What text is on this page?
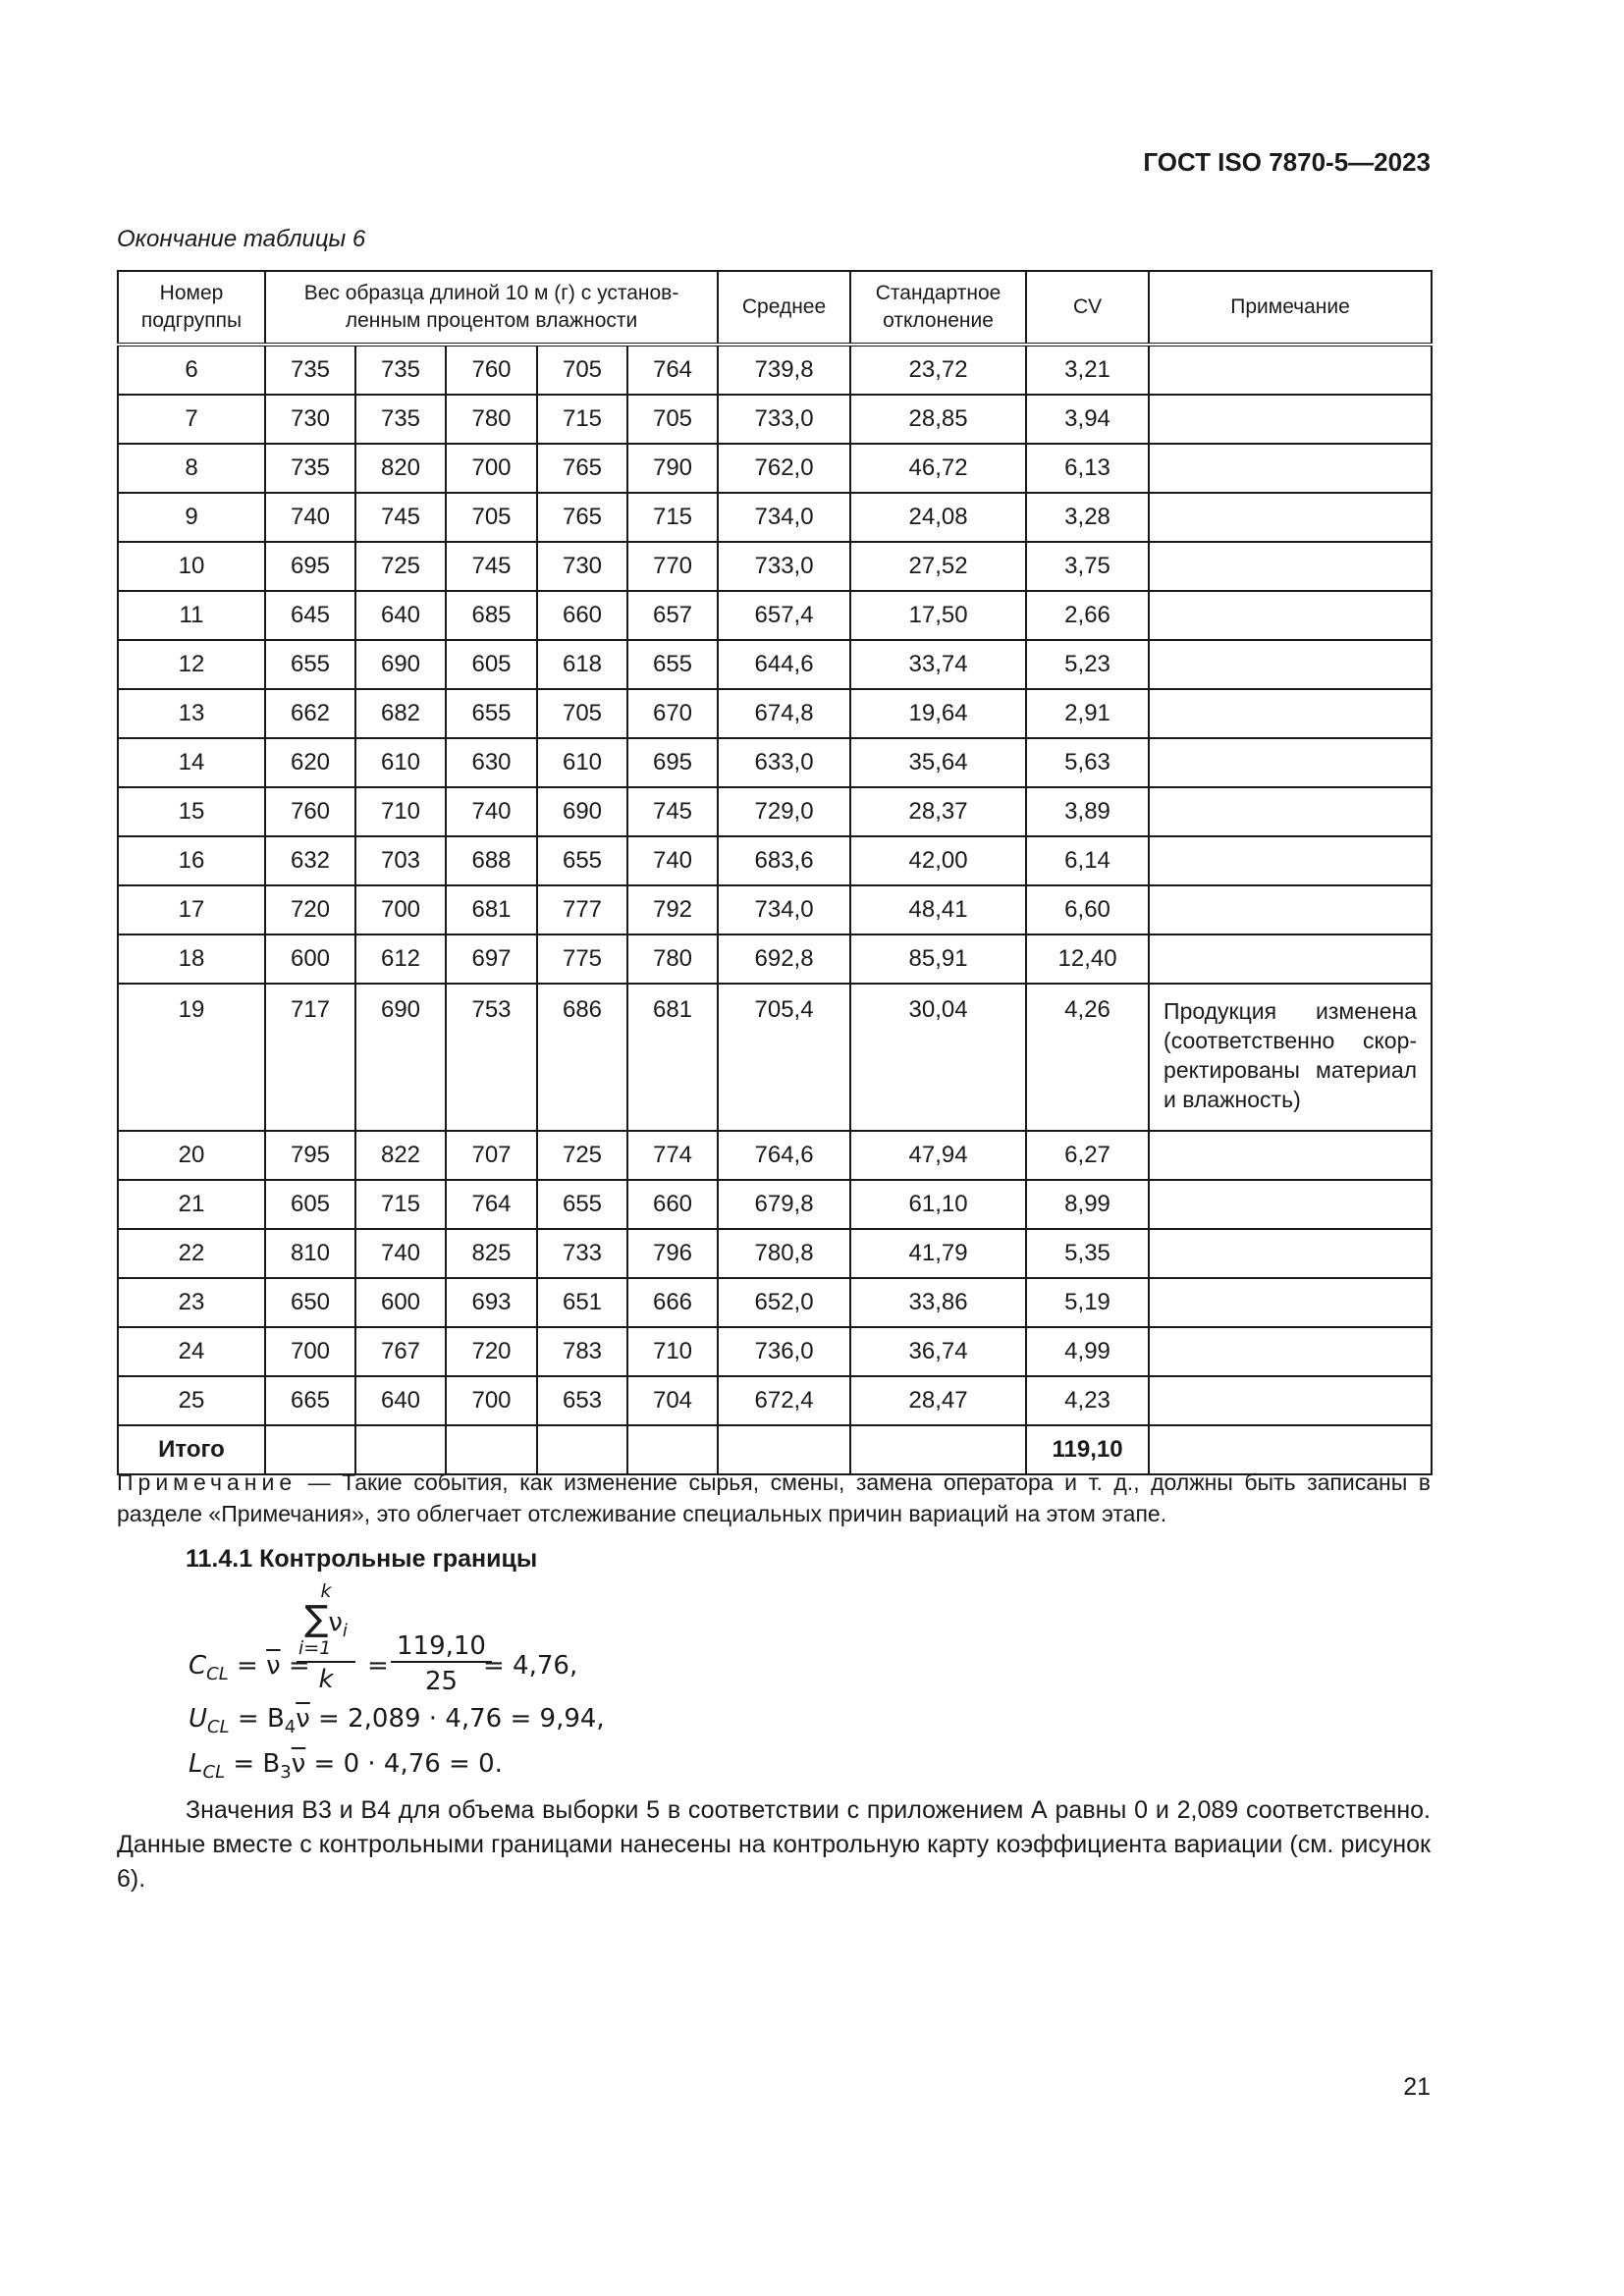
ГОСТ ISO 7870-5—2023
Окончание таблицы 6
Номер подгруппы	Вес образца длиной 10 м (г) с установ-ленным процентом влажности					Среднее	Стандартное отклонение	CV	Примечание
6	735	735	760	705	764	739,8	23,72	3,21	
7	730	735	780	715	705	733,0	28,85	3,94	
8	735	820	700	765	790	762,0	46,72	6,13	
9	740	745	705	765	715	734,0	24,08	3,28	
10	695	725	745	730	770	733,0	27,52	3,75	
11	645	640	685	660	657	657,4	17,50	2,66	
12	655	690	605	618	655	644,6	33,74	5,23	
13	662	682	655	705	670	674,8	19,64	2,91	
14	620	610	630	610	695	633,0	35,64	5,63	
15	760	710	740	690	745	729,0	28,37	3,89	
16	632	703	688	655	740	683,6	42,00	6,14	
17	720	700	681	777	792	734,0	48,41	6,60	
18	600	612	697	775	780	692,8	85,91	12,40	
19	717	690	753	686	681	705,4	30,04	4,26	Продукция изменена (соответственно скор-ректированы материал и влажность)
20	795	822	707	725	774	764,6	47,94	6,27	
21	605	715	764	655	660	679,8	61,10	8,99	
22	810	740	825	733	796	780,8	41,79	5,35	
23	650	600	693	651	666	652,0	33,86	5,19	
24	700	767	720	783	710	736,0	36,74	4,99	
25	665	640	700	653	704	672,4	28,47	4,23	
Итого								119,10	
Примечание — Такие события, как изменение сырья, смены, замена оператора и т. д., должны быть записаны в разделе «Примечания», это облегчает отслеживание специальных причин вариаций на этом этапе.
11.4.1 Контрольные границы
$C_{CL} = \overline{\nu}$ =
k
$\sum\nu_i$
i=1
k	= $\frac{119,10}{25}$
= 4,76,
$U_{CL} = B_4\overline{\nu} = 2,089 \cdot 4,76 = 9,94$,
$L_{CL} = B_3\overline{\nu} = 0 \cdot 4,76 = 0$.
Значения B3 и B4 для объема выборки 5 в соответствии с приложением А равны 0 и 2,089 соответственно. Данные вместе с контрольными границами нанесены на контрольную карту коэффициента вариации (см. рисунок 6).
21
